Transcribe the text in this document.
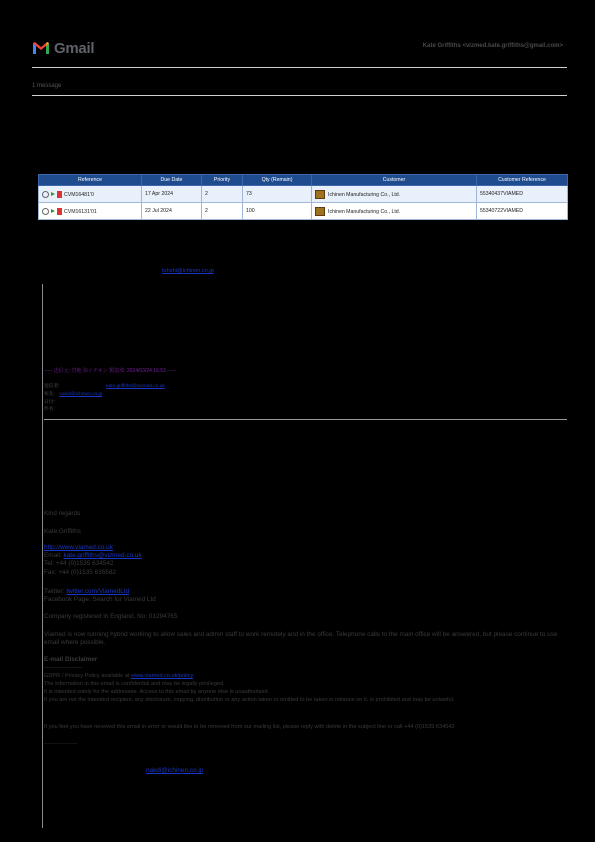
Gmail	Kate Griffiths <vizmed.kate.griffiths@gmail.com>
1 message
Reference	Due Date	Priority	Qty (Remain)	Customer	Customer Reference

CVM16481'0	17 Apr 2024	2	73	Ichinen Manufacturing Co., Ltd.	55340437VIAMED

CVM16131'01	22 Jul 2024	2	100	Ichinen Manufacturing Co., Ltd.	55340722VIAMED
tohshi@ichinen.co.jp
----- 送信元: 宮地 弥イチネン 製造部: 2024/03/24 16:53 -----
送信者:	kate.griffiths@vizmed.co.uk
宛先: nakdi@ichinen.co.jp
日付:
件名:
Kind regards
Kate Griffiths
http://www.viamed.co.uk
Email: kate.griffiths@vizmed.co.uk
Tel: +44 (0)1535 634542
Fax: +44 (0)1535 635582
Twitter: twitter.com/ViamedLtd
Facebook Page: Search for Viamed Ltd
Company registered in England, No. 01294765.
Viamed is now running hybrid working to allow sales and admin staff to work remotely and in the office. Telephone calls to the main office will be answered, but please continue to use email where possible.
E-mail Disclaimer
------------------
GDPR / Privacy Policy available at www.viamed.co.uk/policy
The information in this email is confidential and may be legally privileged.
It is intended solely for the addressee. Access to this email by anyone else is unauthorised.
If you are not the intended recipient, any disclosure, copying, distribution or any action taken or omitted to be taken in reliance on it, is prohibited and may be unlawful.
If you feel you have received this email in error or would like to be removed from our mailing list, please reply with delete in the subject line or call +44 (0)1535 634542
------------------
nakdi@ichinen.co.jp
